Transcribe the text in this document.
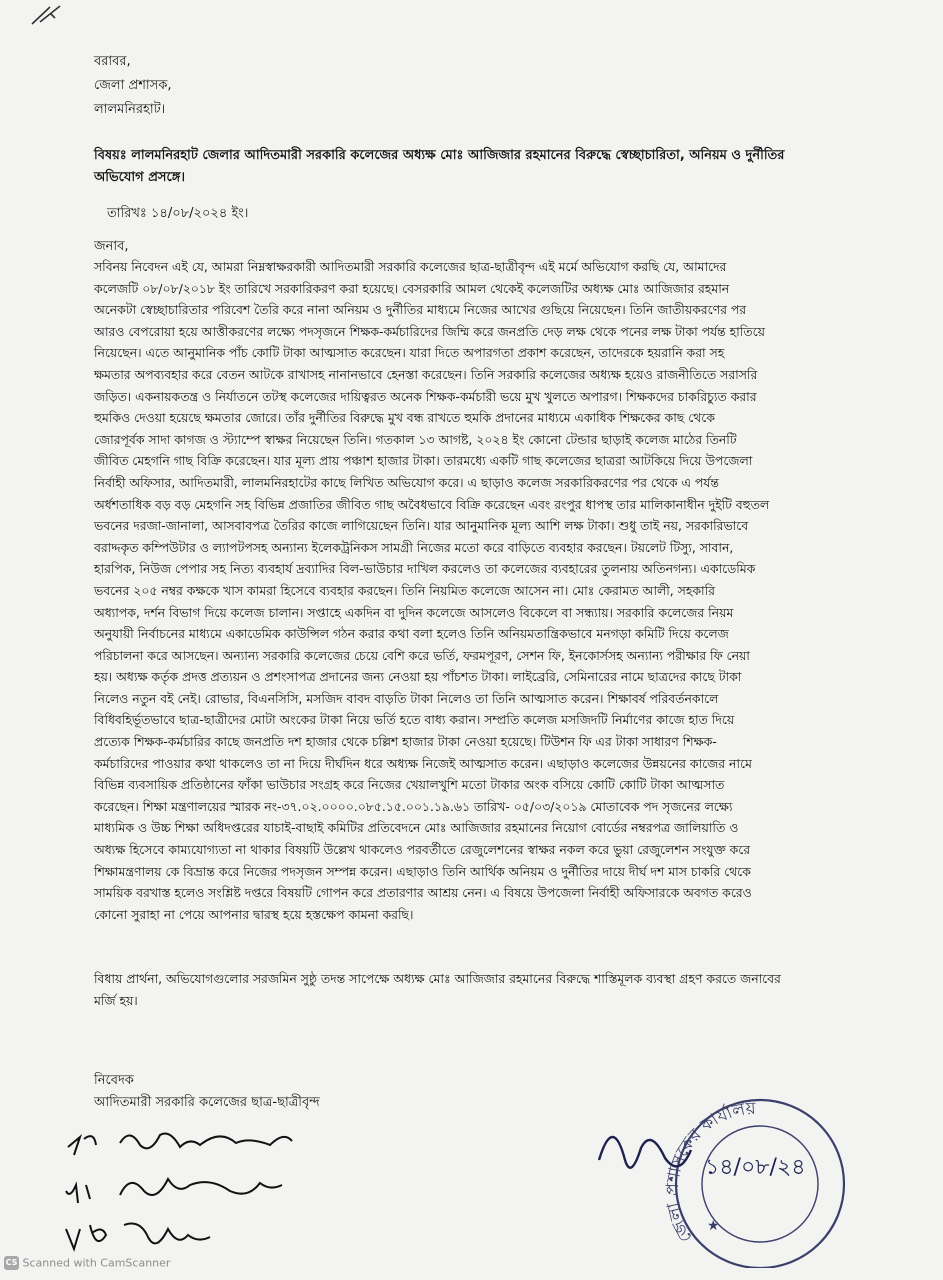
বরাবর,
জেলা প্রশাসক,
লালমনিরহাট।
বিষয়ঃ লালমনিরহাট জেলার আদিতমারী সরকারি কলেজের অধ্যক্ষ মোঃ আজিজার রহমানের বিরুদ্ধে স্বেচ্ছাচারিতা, অনিয়ম ও দুর্নীতির
অভিযোগ প্রসঙ্গে।
তারিখঃ ১৪/০৮/২০২৪ ইং।
জনাব,
সবিনয় নিবেদন এই যে, আমরা নিম্নস্বাক্ষরকারী আদিতমারী সরকারি কলেজের ছাত্র-ছাত্রীবৃন্দ এই মর্মে অভিযোগ করছি যে, আমাদের
কলেজটি ০৮/০৮/২০১৮ ইং তারিখে সরকারিকরণ করা হয়েছে। বেসরকারি আমল থেকেই কলেজটির অধ্যক্ষ মোঃ আজিজার রহমান
অনেকটা স্বেচ্ছাচারিতার পরিবেশ তৈরি করে নানা অনিয়ম ও দুর্নীতির মাধ্যমে নিজের আখের গুছিয়ে নিয়েছেন। তিনি জাতীয়করণের পর
আরও বেপরোয়া হয়ে আত্তীকরণের লক্ষ্যে পদসৃজনে শিক্ষক-কর্মচারিদের জিম্মি করে জনপ্রতি দেড় লক্ষ থেকে পনের লক্ষ টাকা পর্যন্ত হাতিয়ে
নিয়েছেন। এতে আনুমানিক পাঁচ কোটি টাকা আত্মসাত করেছেন। যারা দিতে অপারগতা প্রকাশ করেছেন, তাদেরকে হয়রানি করা সহ
ক্ষমতার অপব্যবহার করে বেতন আটকে রাখাসহ নানানভাবে হেনস্তা করেছেন। তিনি সরকারি কলেজের অধ্যক্ষ হয়েও রাজনীতিতে সরাসরি
জড়িত। একনায়কতন্ত্র ও নির্যাতনে তটস্থ কলেজের দায়িত্বরত অনেক শিক্ষক-কর্মচারী ভয়ে মুখ খুলতে অপারগ। শিক্ষকদের চাকরিচ্যুত করার
হুমকিও দেওয়া হয়েছে ক্ষমতার জোরে। তাঁর দুর্নীতির বিরুদ্ধে মুখ বন্ধ রাখতে হুমকি প্রদানের মাধ্যমে একাধিক শিক্ষকের কাছ থেকে
জোরপূর্বক সাদা কাগজ ও স্ট্যাম্পে স্বাক্ষর নিয়েছেন তিনি। গতকাল ১৩ আগষ্ট, ২০২৪ ইং কোনো টেন্ডার ছাড়াই কলেজ মাঠের তিনটি
জীবিত মেহগনি গাছ বিক্রি করেছেন। যার মূল্য প্রায় পঞ্চাশ হাজার টাকা। তারমধ্যে একটি গাছ কলেজের ছাত্ররা আটকিয়ে দিয়ে উপজেলা
নির্বাহী অফিসার, আদিতমারী, লালমনিরহাটের কাছে লিখিত অভিযোগ করে। এ ছাড়াও কলেজ সরকারিকরণের পর থেকে এ পর্যন্ত
অর্ধশতাধিক বড় বড় মেহগনি সহ বিভিন্ন প্রজাতির জীবিত গাছ অবৈধভাবে বিক্রি করেছেন এবং রংপুর ধাপস্থ তার মালিকানাধীন দুইটি বহুতল
ভবনের দরজা-জানালা, আসবাবপত্র তৈরির কাজে লাগিয়েছেন তিনি। যার আনুমানিক মূল্য আশি লক্ষ টাকা। শুধু তাই নয়, সরকারিভাবে
বরাদ্দকৃত কম্পিউটার ও ল্যাপটপসহ অন্যান্য ইলেকট্রনিকস সামগ্রী নিজের মতো করে বাড়িতে ব্যবহার করছেন। টয়লেট টিস্যু, সাবান,
হারপিক, নিউজ পেপার সহ নিত্য ব্যবহার্য দ্রব্যাদির বিল-ভাউচার দাখিল করলেও তা কলেজের ব্যবহারের তুলনায় অতিনগন্য। একাডেমিক
ভবনের ২০৫ নম্বর কক্ষকে খাস কামরা হিসেবে ব্যবহার করছেন। তিনি নিয়মিত কলেজে আসেন না। মোঃ কেরামত আলী, সহকারি
অধ্যাপক, দর্শন বিভাগ দিয়ে কলেজ চালান। সপ্তাহে একদিন বা দুদিন কলেজে আসলেও বিকেলে বা সন্ধ্যায়। সরকারি কলেজের নিয়ম
অনুযায়ী নির্বাচনের মাধ্যমে একাডেমিক কাউন্সিল গঠন করার কথা বলা হলেও তিনি অনিয়মতান্ত্রিকভাবে মনগড়া কমিটি দিয়ে কলেজ
পরিচালনা করে আসছেন। অন্যান্য সরকারি কলেজের চেয়ে বেশি করে ভর্তি, ফরমপূরণ, সেশন ফি, ইনকোর্সসহ অন্যান্য পরীক্ষার ফি নেয়া
হয়। অধ্যক্ষ কর্তৃক প্রদত্ত প্রত্যয়ন ও প্রশংসাপত্র প্রদানের জন্য নেওয়া হয় পাঁচশত টাকা। লাইব্রেরি, সেমিনারের নামে ছাত্রদের কাছে টাকা
নিলেও নতুন বই নেই। রোভার, বিএনসিসি, মসজিদ বাবদ বাড়তি টাকা নিলেও তা তিনি আত্মসাত করেন। শিক্ষাবর্ষ পরিবর্তনকালে
বিধিবহির্ভূতভাবে ছাত্র-ছাত্রীদের মোটা অংকের টাকা নিয়ে ভর্তি হতে বাধ্য করান। সম্প্রতি কলেজ মসজিদটি নির্মাণের কাজে হাত দিয়ে
প্রত্যেক শিক্ষক-কর্মচারির কাছে জনপ্রতি দশ হাজার থেকে চল্লিশ হাজার টাকা নেওয়া হয়েছে। টিউশন ফি এর টাকা সাধারণ শিক্ষক-
কর্মচারিদের পাওয়ার কথা থাকলেও তা না দিয়ে দীর্ঘদিন ধরে অধ্যক্ষ নিজেই আত্মসাত করেন। এছাড়াও কলেজের উন্নয়নের কাজের নামে
বিভিন্ন ব্যবসায়িক প্রতিষ্ঠানের ফাঁকা ভাউচার সংগ্রহ করে নিজের খেয়ালখুশি মতো টাকার অংক বসিয়ে কোটি কোটি টাকা আত্মসাত
করেছেন। শিক্ষা মন্ত্রণালয়ের স্মারক নং-৩৭.০২.০০০০.০৮৫.১৫.০০১.১৯.৬১ তারিখ- ০৫/০৩/২০১৯ মোতাবেক পদ সৃজনের লক্ষ্যে
মাধ্যমিক ও উচ্চ শিক্ষা অধিদপ্তরের যাচাই-বাছাই কমিটির প্রতিবেদনে মোঃ আজিজার রহমানের নিয়োগ বোর্ডের নম্বরপত্র জালিয়াতি ও
অধ্যক্ষ হিসেবে কাম্যযোগ্যতা না থাকার বিষয়টি উল্লেখ থাকলেও পরবর্তীতে রেজুলেশনের স্বাক্ষর নকল করে ভুয়া রেজুলেশন সংযুক্ত করে
শিক্ষামন্ত্রণালয় কে বিভ্রান্ত করে নিজের পদসৃজন সম্পন্ন করেন। এছাড়াও তিনি আর্থিক অনিয়ম ও দুর্নীতির দায়ে দীর্ঘ দশ মাস চাকরি থেকে
সাময়িক বরখাস্ত হলেও সংশ্লিষ্ট দপ্তরে বিষয়টি গোপন করে প্রতারণার আশ্রয় নেন। এ বিষয়ে উপজেলা নির্বাহী অফিসারকে অবগত করেও
কোনো সুরাহা না পেয়ে আপনার দ্বারস্থ হয়ে হস্তক্ষেপ কামনা করছি।
বিধায় প্রার্থনা, অভিযোগগুলোর সরজমিন সুষ্ঠু তদন্ত সাপেক্ষে অধ্যক্ষ মোঃ আজিজার রহমানের বিরুদ্ধে শাস্তিমূলক ব্যবস্থা গ্রহণ করতে জনাবের
মর্জি হয়।
নিবেদক
আদিতমারী সরকারি কলেজের ছাত্র-ছাত্রীবৃন্দ
জেলা প্রশাসকের কার্যালয়
১৪/০৮/২৪
★
CS Scanned with CamScanner
